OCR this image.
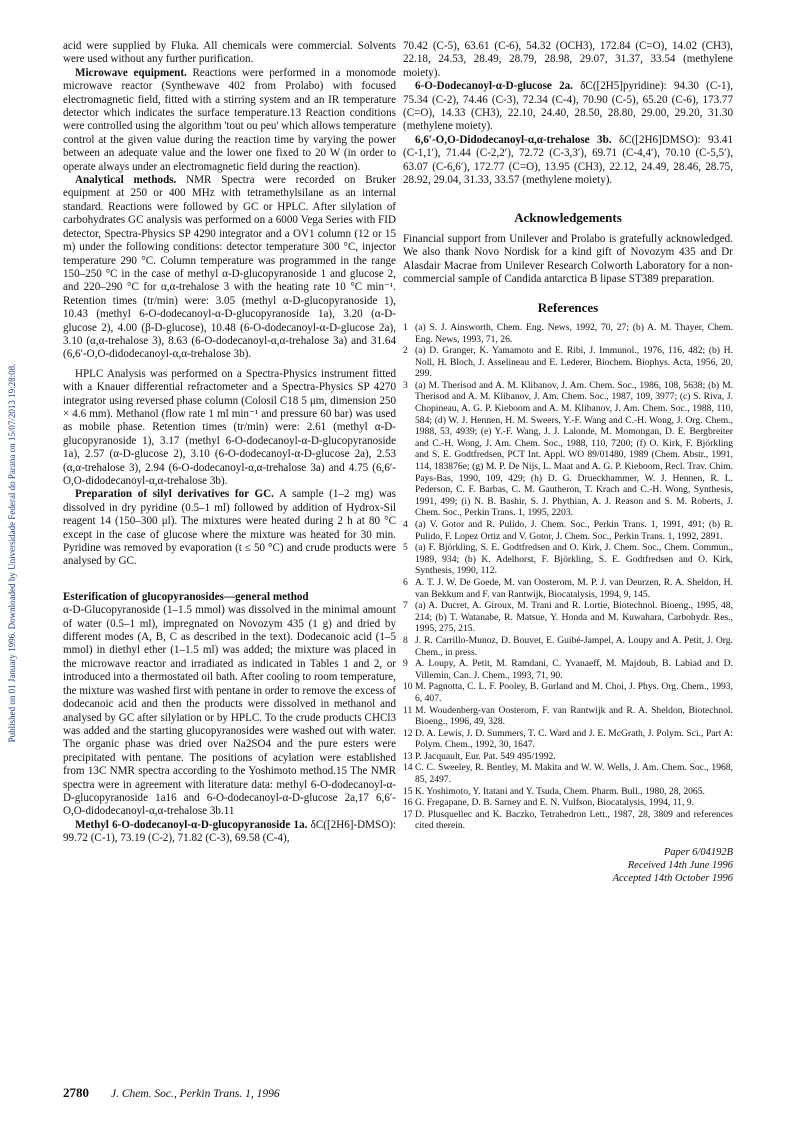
Published on 01 January 1996. Downloaded by Universidade Federal do Parana on 15/07/2013 19:28:08.

acid were supplied by Fluka. All chemicals were commercial. Solvents were used without any further purification.

Microwave equipment. Reactions were performed in a monomode microwave reactor (Synthewave 402 from Prolabo) with focused electromagnetic field, fitted with a stirring system and an IR temperature detector which indicates the surface temperature.13 Reaction conditions were controlled using the algorithm 'tout ou peu' which allows temperature control at the given value during the reaction time by varying the power between an adequate value and the lower one fixed to 20 W (in order to operate always under an electromagnetic field during the reaction).

Analytical methods. NMR Spectra were recorded on Bruker equipment at 250 or 400 MHz with tetramethylsilane as an internal standard. Reactions were followed by GC or HPLC. After silylation of carbohydrates GC analysis was performed on a 6000 Vega Series with FID detector, Spectra-Physics SP 4290 integrator and a OV1 column (12 or 15 m) under the following conditions: detector temperature 300 °C, injector temperature 290 °C. Column temperature was programmed in the range 150–250 °C in the case of methyl α-D-glucopyranoside 1 and glucose 2, and 220–290 °C for α,α-trehalose 3 with the heating rate 10 °C min⁻¹. Retention times (tr/min) were: 3.05 (methyl α-D-glucopyranoside 1), 10.43 (methyl 6-O-dodecanoyl-α-D-glucopyranoside 1a), 3.20 (α-D-glucose 2), 4.00 (β-D-glucose), 10.48 (6-O-dodecanoyl-α-D-glucose 2a), 3.10 (α,α-trehalose 3), 8.63 (6-O-dodecanoyl-α,α-trehalose 3a) and 31.64 (6,6′-O,O-didodecanoyl-α,α-trehalose 3b).

HPLC Analysis was performed on a Spectra-Physics instrument fitted with a Knauer differential refractometer and a Spectra-Physics SP 4270 integrator using reversed phase column (Colosil C18 5 μm, dimension 250 × 4.6 mm). Methanol (flow rate 1 ml min⁻¹ and pressure 60 bar) was used as mobile phase. Retention times (tr/min) were: 2.61 (methyl α-D-glucopyranoside 1), 3.17 (methyl 6-O-dodecanoyl-α-D-glucopyranoside 1a), 2.57 (α-D-glucose 2), 3.10 (6-O-dodecanoyl-α-D-glucose 2a), 2.53 (α,α-trehalose 3), 2.94 (6-O-dodecanoyl-α,α-trehalose 3a) and 4.75 (6,6′-O,O-didodecanoyl-α,α-trehalose 3b).

Preparation of silyl derivatives for GC. A sample (1–2 mg) was dissolved in dry pyridine (0.5–1 ml) followed by addition of Hydrox-Sil reagent 14 (150–300 μl). The mixtures were heated during 2 h at 80 °C except in the case of glucose where the mixture was heated for 30 min. Pyridine was removed by evaporation (t ≤ 50 °C) and crude products were analysed by GC.

Esterification of glucopyranosides—general method

α-D-Glucopyranoside (1–1.5 mmol) was dissolved in the minimal amount of water (0.5–1 ml), impregnated on Novozym 435 (1 g) and dried by different modes (A, B, C as described in the text). Dodecanoic acid (1–5 mmol) in diethyl ether (1–1.5 ml) was added; the mixture was placed in the microwave reactor and irradiated as indicated in Tables 1 and 2, or introduced into a thermostated oil bath. After cooling to room temperature, the mixture was washed first with pentane in order to remove the excess of dodecanoic acid and then the products were dissolved in methanol and analysed by GC after silylation or by HPLC. To the crude products CHCl3 was added and the starting glucopyranosides were washed out with water. The organic phase was dried over Na2SO4 and the pure esters were precipitated with pentane. The positions of acylation were established from 13C NMR spectra according to the Yoshimoto method.15 The NMR spectra were in agreement with literature data: methyl 6-O-dodecanoyl-α-D-glucopyranoside 1a16 and 6-O-dodecanoyl-α-D-glucose 2a,17 6,6′-O,O-didodecanoyl-α,α-trehalose 3b.11

Methyl 6-O-dodecanoyl-α-D-glucopyranoside 1a. δC([2H6]-DMSO): 99.72 (C-1), 73.19 (C-2), 71.82 (C-3), 69.58 (C-4),

70.42 (C-5), 63.61 (C-6), 54.32 (OCH3), 172.84 (C=O), 14.02 (CH3), 22.18, 24.53, 28.49, 28.79, 28.98, 29.07, 31.37, 33.54 (methylene moiety).

6-O-Dodecanoyl-α-D-glucose 2a. δC([2H5]pyridine): 94.30 (C-1), 75.34 (C-2), 74.46 (C-3), 72.34 (C-4), 70.90 (C-5), 65.20 (C-6), 173.77 (C=O), 14.33 (CH3), 22.10, 24.40, 28.50, 28.80, 29.00, 29.20, 31.30 (methylene moiety).

6,6′-O,O-Didodecanoyl-α,α-trehalose 3b. δC([2H6]DMSO): 93.41 (C-1,1′), 71.44 (C-2,2′), 72.72 (C-3,3′), 69.71 (C-4,4′), 70.10 (C-5,5′), 63.07 (C-6,6′), 172.77 (C=O), 13.95 (CH3), 22.12, 24.49, 28.46, 28.75, 28.92, 29.04, 31.33, 33.57 (methylene moiety).

Acknowledgements

Financial support from Unilever and Prolabo is gratefully acknowledged. We also thank Novo Nordisk for a kind gift of Novozym 435 and Dr Alasdair Macrae from Unilever Research Colworth Laboratory for a non-commercial sample of Candida antarctica B lipase ST389 preparation.

References
1 (a) S. J. Ainsworth, Chem. Eng. News, 1992, 70, 27; (b) A. M. Thayer, Chem. Eng. News, 1993, 71, 26.
2 (a) D. Granger, K. Yamamoto and E. Ribi, J. Immunol., 1976, 116, 482; (b) H. Noll, H. Bloch, J. Asselineau and E. Lederer, Biochem. Biophys. Acta, 1956, 20, 299.
3 (a) M. Therisod and A. M. Klibanov, J. Am. Chem. Soc., 1986, 108, 5638; (b) M. Therisod and A. M. Klibanov, J. Am. Chem. Soc., 1987, 109, 3977; (c) S. Riva, J. Chopineau, A. G. P. Kieboom and A. M. Klibanov, J. Am. Chem. Soc., 1988, 110, 584; (d) W. J. Hennen, H. M. Sweers, Y.-F. Wang and C.-H. Wong, J. Org. Chem., 1988, 53, 4939; (e) Y.-F. Wang, J. J. Lalonde, M. Momongan, D. E. Bergbreiter and C.-H. Wong, J. Am. Chem. Soc., 1988, 110, 7200; (f) O. Kirk, F. Björkling and S. E. Godtfredsen, PCT Int. Appl. WO 89/01480, 1989 (Chem. Abstr., 1991, 114, 183876e; (g) M. P. De Nijs, L. Maat and A. G. P. Kieboom, Recl. Trav. Chim. Pays-Bas, 1990, 109, 429; (h) D. G. Drueckhammer, W. J. Hennen, R. L. Pederson, C. F. Barbas, C. M. Gautheron, T. Krach and C.-H. Wong, Synthesis, 1991, 499; (i) N. B. Bashir, S. J. Phythian, A. J. Reason and S. M. Roberts, J. Chem. Soc., Perkin Trans. 1, 1995, 2203.
4 (a) V. Gotor and R. Pulido, J. Chem. Soc., Perkin Trans. 1, 1991, 491; (b) R. Pulido, F. Lopez Ortiz and V. Gotor, J. Chem. Soc., Perkin Trans. 1, 1992, 2891.
5 (a) F. Björkling, S. E. Godtfredsen and O. Kirk, J. Chem. Soc., Chem. Commun., 1989, 934; (b) K. Adelhorst, F. Björkling, S. E. Godtfredsen and O. Kirk, Synthesis, 1990, 112.
6 A. T. J. W. De Goede, M. van Oosterom, M. P. J. van Deurzen, R. A. Sheldon, H. van Bekkum and F. van Rantwijk, Biocatalysis, 1994, 9, 145.
7 (a) A. Ducret, A. Giroux, M. Trani and R. Lortie, Biotechnol. Bioeng., 1995, 48, 214; (b) T. Watanabe, R. Matsue, Y. Honda and M. Kuwahara, Carbohydr. Res., 1995, 275, 215.
8 J. R. Carrillo-Munoz, D. Bouvet, E. Guibé-Jampel, A. Loupy and A. Petit, J. Org. Chem., in press.
9 A. Loupy, A. Petit, M. Ramdani, C. Yvanaeff, M. Majdoub, B. Labiad and D. Villemin, Can. J. Chem., 1993, 71, 90.
10 M. Pagnotta, C. L. F. Pooley, B. Gurland and M. Choi, J. Phys. Org. Chem., 1993, 6, 407.
11 M. Woudenberg-van Oosterom, F. van Rantwijk and R. A. Sheldon, Biotechnol. Bioeng., 1996, 49, 328.
12 D. A. Lewis, J. D. Summers, T. C. Ward and J. E. McGrath, J. Polym. Sci., Part A: Polym. Chem., 1992, 30, 1647.
13 P. Jacquault, Eur. Pat. 549 495/1992.
14 C. C. Sweeley, R. Bentley, M. Makita and W. W. Wells, J. Am. Chem. Soc., 1968, 85, 2497.
15 K. Yoshimoto, Y. Itatani and Y. Tsuda, Chem. Pharm. Bull., 1980, 28, 2065.
16 G. Fregapane, D. B. Sarney and E. N. Vulfson, Biocatalysis, 1994, 11, 9.
17 D. Plusquellec and K. Baczko, Tetrahedron Lett., 1987, 28, 3809 and references cited therein.
Paper 6/04192B
Received 14th June 1996
Accepted 14th October 1996
2780 J. Chem. Soc., Perkin Trans. 1, 1996
